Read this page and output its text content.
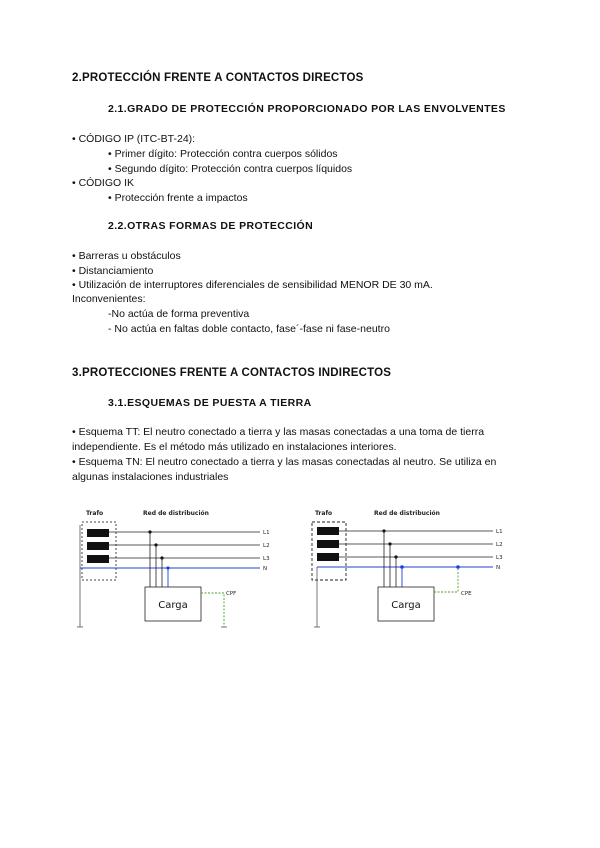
2.PROTECCIÓN FRENTE A CONTACTOS DIRECTOS
2.1.GRADO DE PROTECCIÓN PROPORCIONADO POR LAS ENVOLVENTES
• CÓDIGO IP (ITC-BT-24):
• Primer dígito: Protección contra cuerpos sólidos
• Segundo dígito: Protección contra cuerpos líquidos
• CÓDIGO IK
• Protección frente a impactos
2.2.OTRAS FORMAS DE PROTECCIÓN
• Barreras u obstáculos
• Distanciamiento
• Utilización de interruptores diferenciales de sensibilidad MENOR DE 30 mA.
Inconvenientes:
-No actúa de forma preventiva
- No actúa en faltas doble contacto, fase´-fase ni fase-neutro
3.PROTECCIONES FRENTE A CONTACTOS INDIRECTOS
3.1.ESQUEMAS DE PUESTA A TIERRA
• Esquema TT: El neutro conectado a tierra y las masas conectadas a una toma de tierra independiente. Es el método más utilizado en instalaciones interiores.
• Esquema TN: El neutro conectado a tierra y las masas conectadas al neutro. Se utiliza en algunas instalaciones industriales
Trafo	Red de distribución
L1
L2
L3
N
Carga
CPF
Trafo	Red de distribución
L1
L2
L3
N
Carga
CPE
